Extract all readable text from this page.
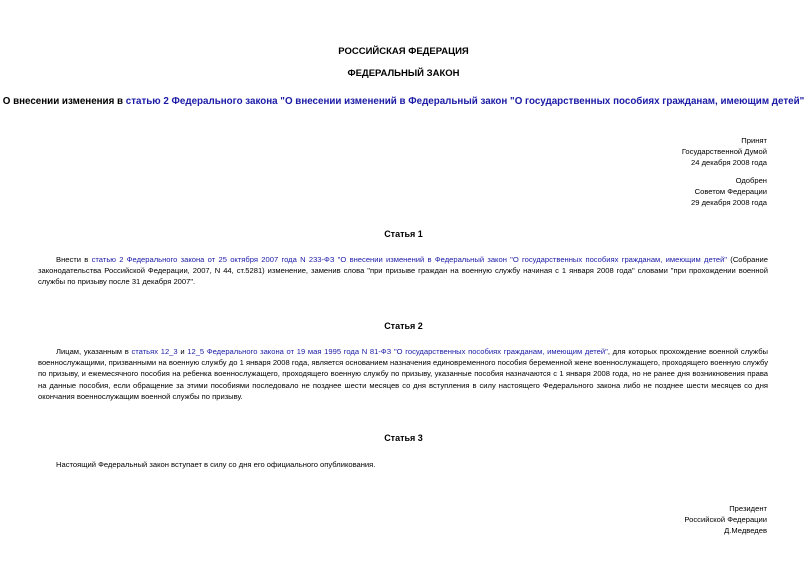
РОССИЙСКАЯ ФЕДЕРАЦИЯ
ФЕДЕРАЛЬНЫЙ ЗАКОН
О внесении изменения в статью 2 Федерального закона "О внесении изменений в Федеральный закон "О государственных пособиях гражданам, имеющим детей"
Принят
Государственной Думой
24 декабря 2008 года
Одобрен
Советом Федерации
29 декабря 2008 года
Статья 1
Внести в статью 2 Федерального закона от 25 октября 2007 года N 233-ФЗ "О внесении изменений в Федеральный закон "О государственных пособиях гражданам, имеющим детей" (Собрание законодательства Российской Федерации, 2007, N 44, ст.5281) изменение, заменив слова "при призыве граждан на военную службу начиная с 1 января 2008 года" словами "при прохождении военной службы по призыву после 31 декабря 2007".
Статья 2
Лицам, указанным в статьях 12_3 и 12_5 Федерального закона от 19 мая 1995 года N 81-ФЗ "О государственных пособиях гражданам, имеющим детей", для которых прохождение военной службы военнослужащими, призванными на военную службу до 1 января 2008 года, является основанием назначения единовременного пособия беременной жене военнослужащего, проходящего военную службу по призыву, и ежемесячного пособия на ребенка военнослужащего, проходящего военную службу по призыву, указанные пособия назначаются с 1 января 2008 года, но не ранее дня возникновения права на данные пособия, если обращение за этими пособиями последовало не позднее шести месяцев со дня вступления в силу настоящего Федерального закона либо не позднее шести месяцев со дня окончания военнослужащим военной службы по призыву.
Статья 3
Настоящий Федеральный закон вступает в силу со дня его официального опубликования.
Президент
Российской Федерации
Д.Медведев
